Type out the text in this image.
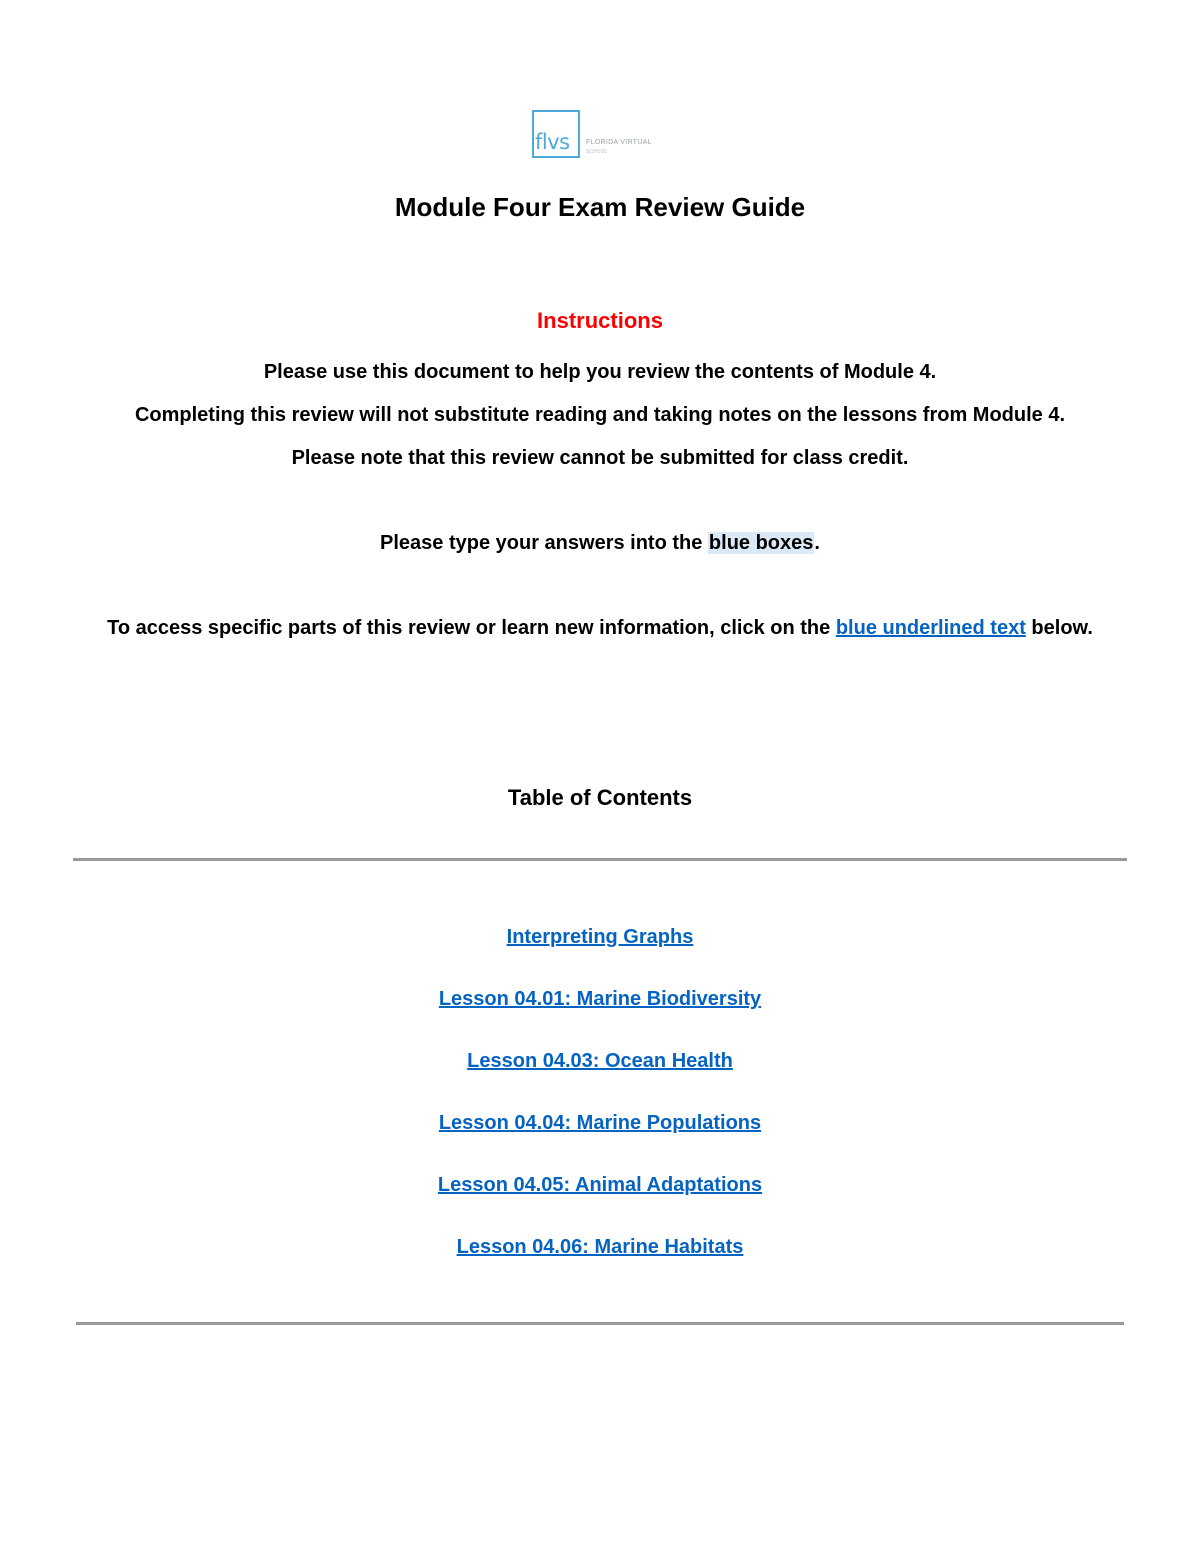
flvs FLORIDA VIRTUAL
SCHOOL
Module Four Exam Review Guide
Instructions
Please use this document to help you review the contents of Module 4.
Completing this review will not substitute reading and taking notes on the lessons from Module 4.
Please note that this review cannot be submitted for class credit.
Please type your answers into the blue boxes.
To access specific parts of this review or learn new information, click on the blue underlined text below.
Table of Contents
Interpreting Graphs
Lesson 04.01: Marine Biodiversity
Lesson 04.03: Ocean Health
Lesson 04.04: Marine Populations
Lesson 04.05: Animal Adaptations
Lesson 04.06: Marine Habitats
